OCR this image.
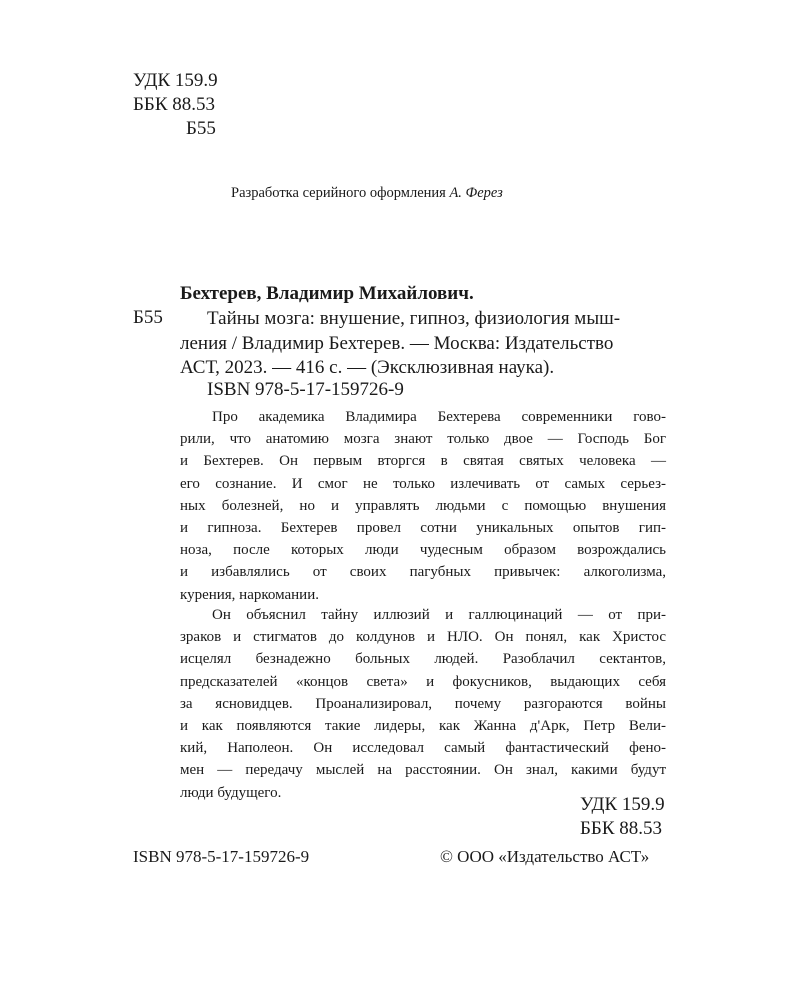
УДК 159.9
ББК 88.53
Б55
Разработка серийного оформления А. Ферез
Бехтерев, Владимир Михайлович.
Б55	Тайны мозга: внушение, гипноз, физиология мыш-
ления / Владимир Бехтерев. — Москва: Издательство
АСТ, 2023. — 416 с. — (Эксклюзивная наука).
ISBN 978-5-17-159726-9
Про академика Владимира Бехтерева современники гово-
рили, что анатомию мозга знают только двое — Господь Бог
и Бехтерев. Он первым вторгся в святая святых человека —
его сознание. И смог не только излечивать от самых серьез-
ных болезней, но и управлять людьми с помощью внушения
и гипноза. Бехтерев провел сотни уникальных опытов гип-
ноза, после которых люди чудесным образом возрождались
и избавлялись от своих пагубных привычек: алкоголизма,
курения, наркомании.
Он объяснил тайну иллюзий и галлюцинаций — от при-
зраков и стигматов до колдунов и НЛО. Он понял, как Христос
исцелял безнадежно больных людей. Разоблачил сектантов,
предсказателей «концов света» и фокусников, выдающих себя
за ясновидцев. Проанализировал, почему разгораются войны
и как появляются такие лидеры, как Жанна д'Арк, Петр Вели-
кий, Наполеон. Он исследовал самый фантастический фено-
мен — передачу мыслей на расстоянии. Он знал, какими будут
люди будущего.
УДК 159.9
ББК 88.53
ISBN 978-5-17-159726-9	© ООО «Издательство АСТ»
